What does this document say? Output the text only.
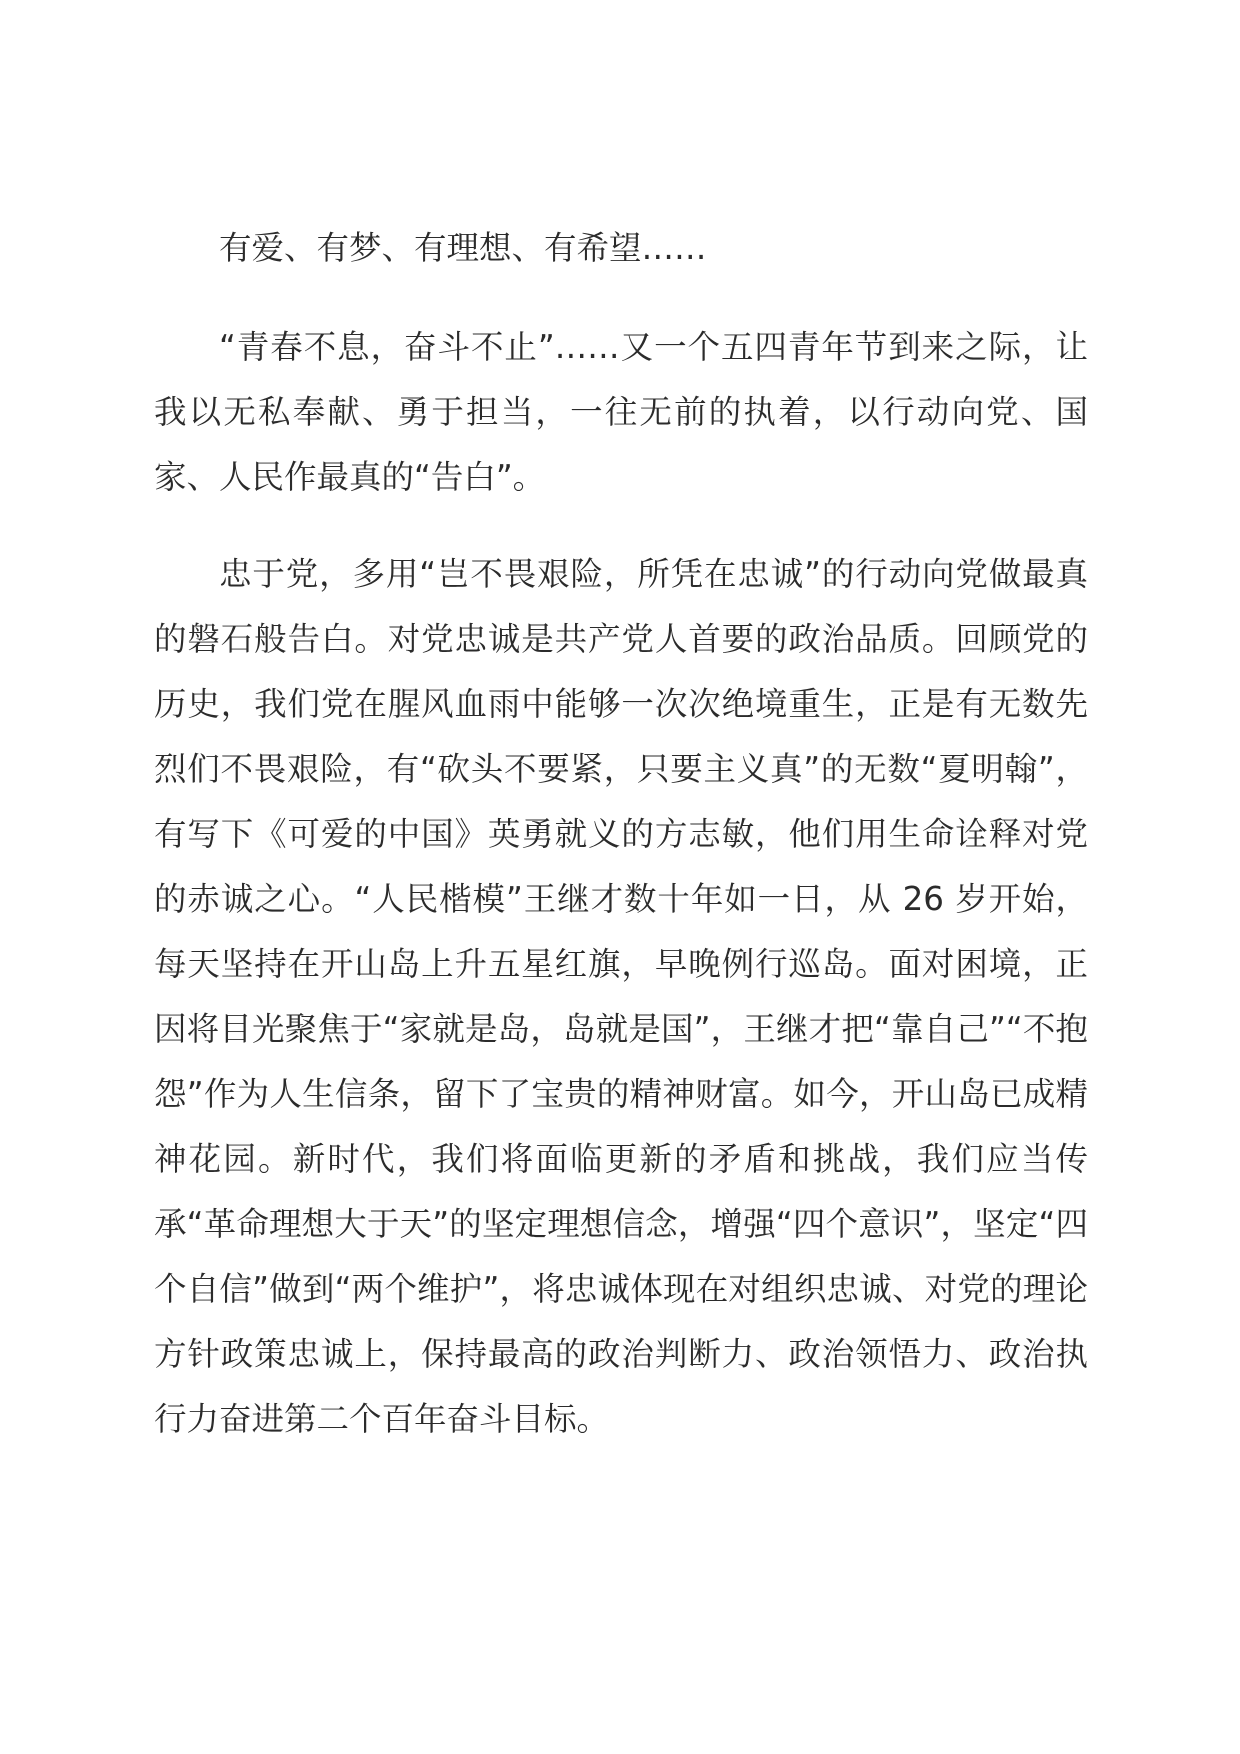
有爱、有梦、有理想、有希望……

“青春不息，奋斗不止”……又一个五四青年节到来之际，让我以无私奉献、勇于担当，一往无前的执着，以行动向党、国家、人民作最真的“告白”。

忠于党，多用“岂不畏艰险，所凭在忠诚”的行动向党做最真的磐石般告白。对党忠诚是共产党人首要的政治品质。回顾党的历史，我们党在腥风血雨中能够一次次绝境重生，正是有无数先烈们不畏艰险，有“砍头不要紧，只要主义真”的无数“夏明翰”，有写下《可爱的中国》英勇就义的方志敏，他们用生命诠释对党的赤诚之心。“人民楷模”王继才数十年如一日，从 26 岁开始，每天坚持在开山岛上升五星红旗，早晚例行巡岛。面对困境，正因将目光聚焦于“家就是岛，岛就是国”，王继才把“靠自己”“不抱怨”作为人生信条，留下了宝贵的精神财富。如今，开山岛已成精神花园。新时代，我们将面临更新的矛盾和挑战，我们应当传承“革命理想大于天”的坚定理想信念，增强“四个意识”，坚定“四个自信”做到“两个维护”，将忠诚体现在对组织忠诚、对党的理论方针政策忠诚上，保持最高的政治判断力、政治领悟力、政治执行力奋进第二个百年奋斗目标。
